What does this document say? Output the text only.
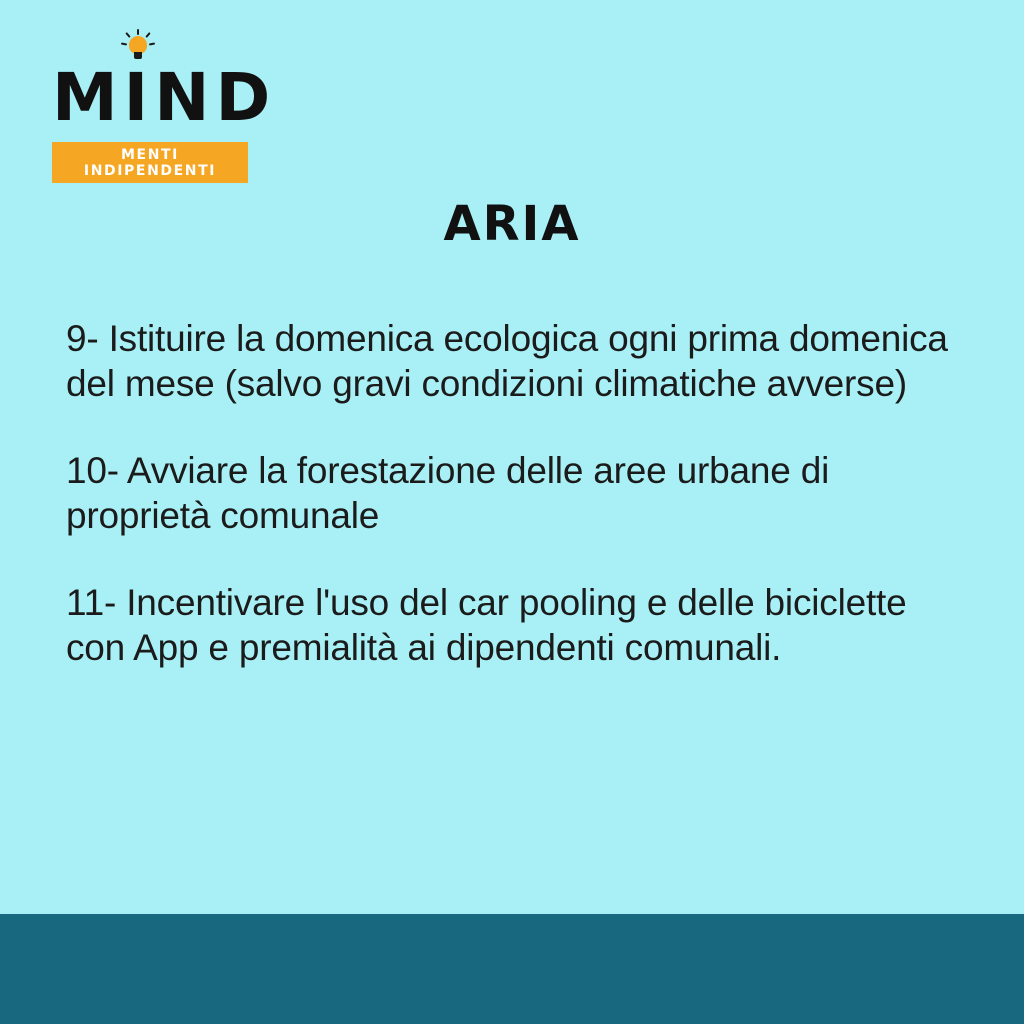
MIND
MENTI INDIPENDENTI
ARIA
9- Istituire la domenica ecologica ogni prima domenica del mese (salvo gravi condizioni climatiche avverse)
10- Avviare la forestazione delle aree urbane di proprietà comunale
11- Incentivare l'uso del car pooling e delle biciclette con App e premialità ai dipendenti comunali.
